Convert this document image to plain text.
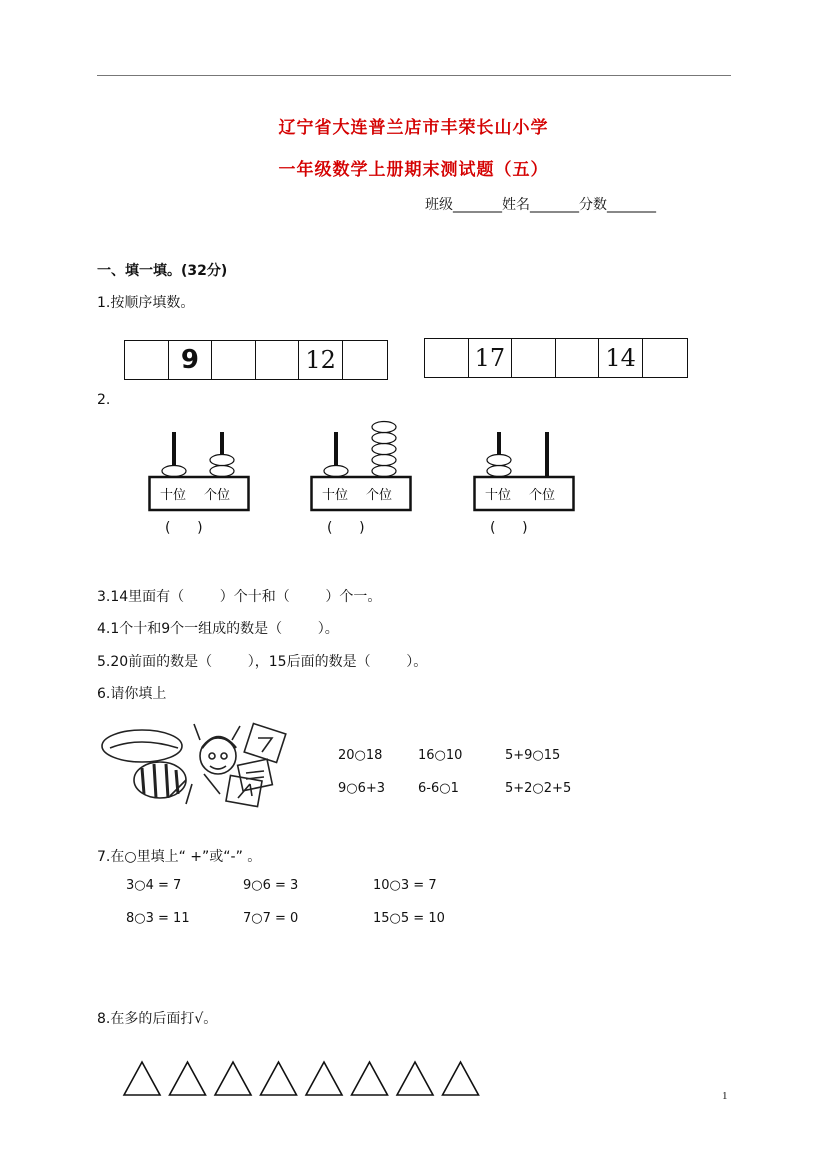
辽宁省大连普兰店市丰荣长山小学
一年级数学上册期末测试题（五）
班级_______姓名_______分数_______
一、填一填。(32分)
1.按顺序填数。
9	12	17	14
2.
十位 个位
(      )
十位 个位
(      )
十位 个位
(      )
3.14里面有（        ）个十和（        ）个一。
4.1个十和9个一组成的数是（        ）。
5.20前面的数是（        ），15后面的数是（        ）。
6.请你填上
20○18	16○10	5+9○15
9○6+3	6-6○1	5+2○2+5
7.在○里填上“ +”或“-” 。
3○4 = 7	9○6 = 3	10○3 = 7
8○3 = 11	7○7 = 0	15○5 = 10
8.在多的后面打√。
1
